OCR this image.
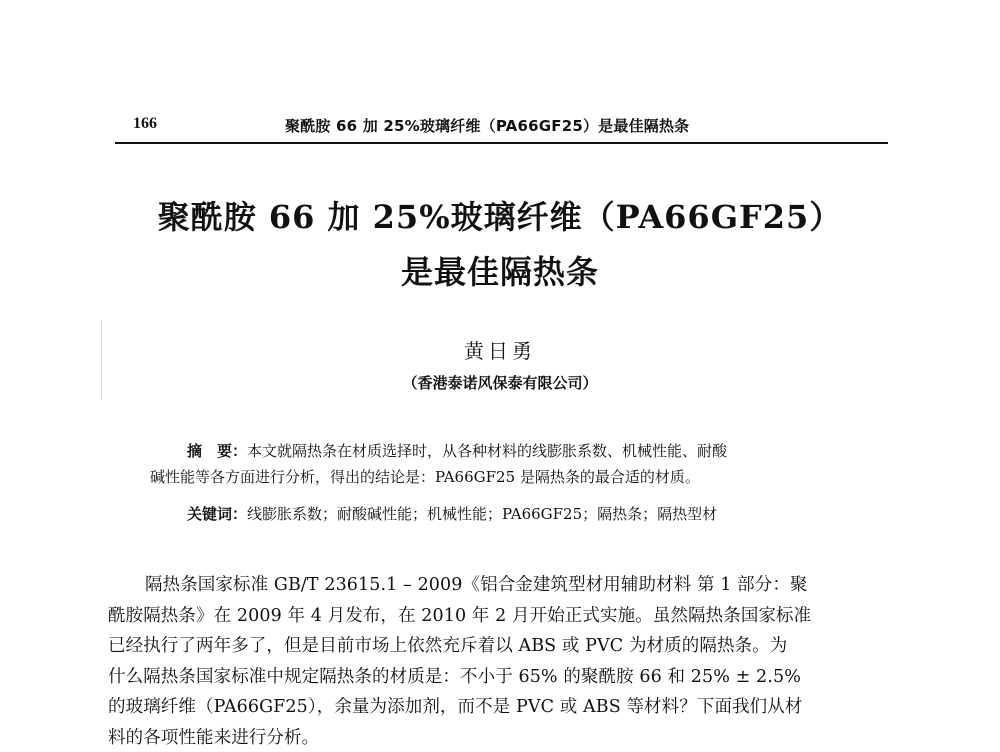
166	聚酰胺 66 加 25%玻璃纤维（PA66GF25）是最佳隔热条
聚酰胺 66 加 25%玻璃纤维（PA66GF25）
是最佳隔热条
黄日勇
（香港泰诺风保泰有限公司）
摘　要：本文就隔热条在材质选择时，从各种材料的线膨胀系数、机械性能、耐酸
碱性能等各方面进行分析，得出的结论是：PA66GF25 是隔热条的最合适的材质。
关键词：线膨胀系数；耐酸碱性能；机械性能；PA66GF25；隔热条；隔热型材
隔热条国家标准 GB/T 23615.1 – 2009《铝合金建筑型材用辅助材料 第 1 部分：聚
酰胺隔热条》在 2009 年 4 月发布，在 2010 年 2 月开始正式实施。虽然隔热条国家标准
已经执行了两年多了，但是目前市场上依然充斥着以 ABS 或 PVC 为材质的隔热条。为
什么隔热条国家标准中规定隔热条的材质是：不小于 65% 的聚酰胺 66 和 25% ± 2.5%
的玻璃纤维（PA66GF25），余量为添加剂，而不是 PVC 或 ABS 等材料？下面我们从材
料的各项性能来进行分析。
